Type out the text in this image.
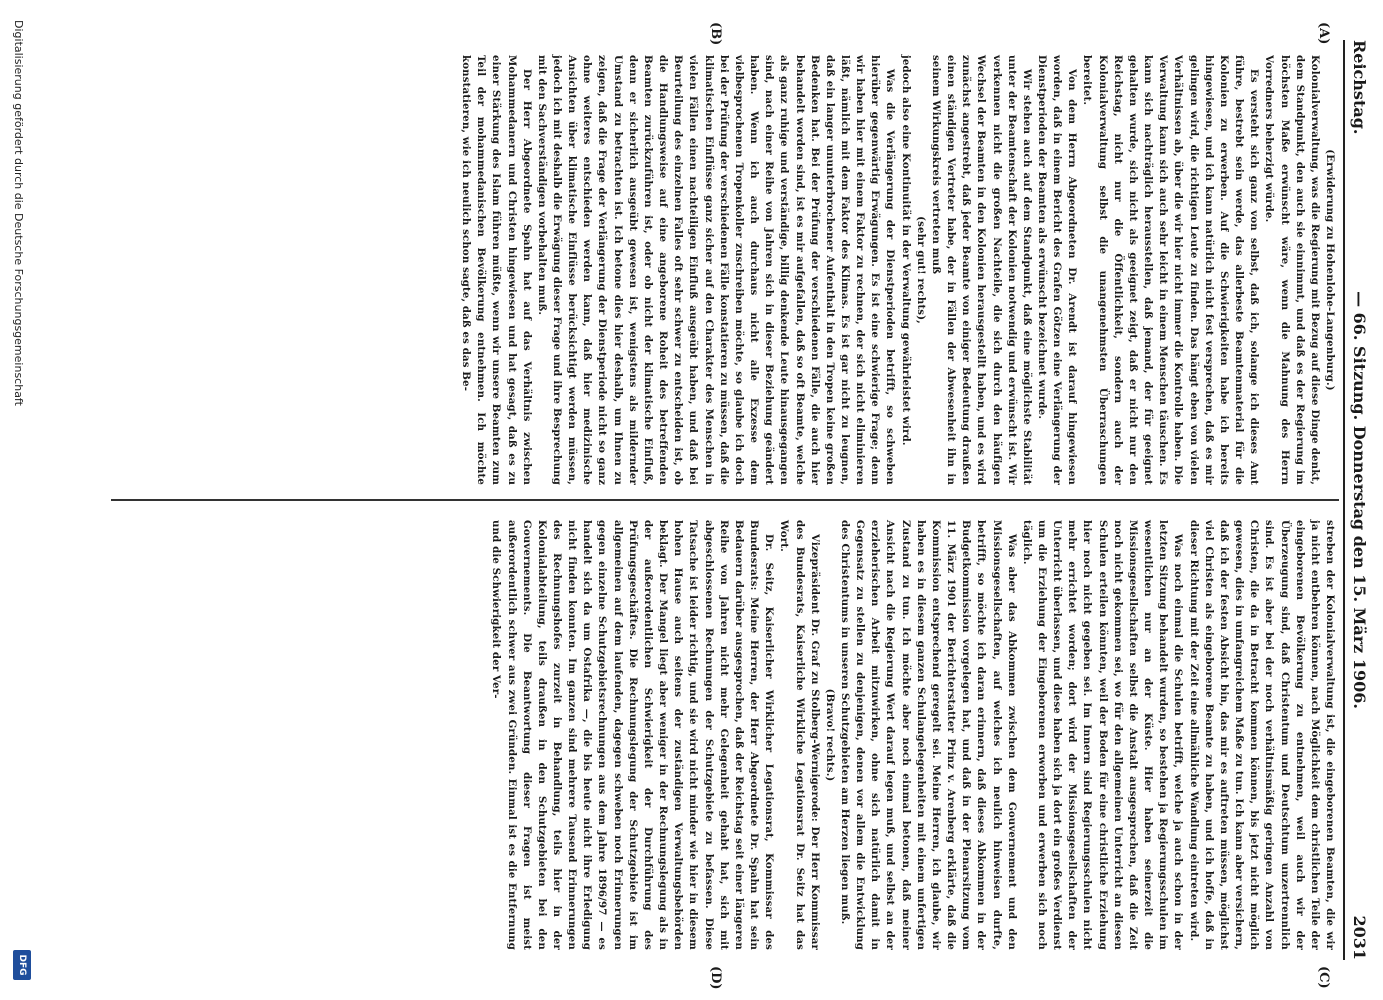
Reichstag.
— 66. Sitzung. Donnerstag den 15. März 1906.
2031
(A)
(B)
(C)
(D)

(Erwiderung zu Hohenlohe-Langenburg.)

Kolonialverwaltung, was die Regierung mit Bezug auf diese Dinge denkt, dem Standpunkt, den auch sie einnimmt, und daß es der Regierung im höchsten Maße erwünscht wäre, wenn die Mahnung des Herrn Vorredners beherzigt würde.

Es versteht sich ganz von selbst, daß ich, solange ich dieses Amt führe, bestrebt sein werde, das allerbeste Beamtenmaterial für die Kolonien zu erwerben. Auf die Schwierigkeiten habe ich bereits hingewiesen, und ich kann natürlich nicht fest versprechen, daß es mir gelingen wird, die richtigen Leute zu finden. Das hängt eben von vielen Verhältnissen ab, über die wir hier nicht immer die Kontrolle haben. Die Verwaltung kann sich auch sehr leicht in einem Menschen täuschen. Es kann sich nachträglich herausstellen, daß jemand, der für geeignet gehalten wurde, sich nicht als geeignet zeigt, daß er nicht nur den Reichstag, nicht nur die Öffentlichkeit, sondern auch der Kolonialverwaltung selbst die unangenehmsten Überraschungen bereitet.

Von dem Herrn Abgeordneten Dr. Arendt ist darauf hingewiesen worden, daß in einem Bericht des Grafen Götzen eine Verlängerung der Dienstperioden der Beamten als erwünscht bezeichnet wurde.

Wir stehen auch auf dem Standpunkt, daß eine möglichste Stabilität unter der Beamtenschaft der Kolonien notwendig und erwünscht ist. Wir verkennen nicht die großen Nachteile, die sich durch den häufigen Wechsel der Beamten in den Kolonien herausgestellt haben, und es wird zunächst angestrebt, daß jeder Beamte von einiger Bedeutung draußen einen ständigen Vertreter habe, der in Fällen der Abwesenheit ihn in seinem Wirkungskreis vertreten muß

(sehr gut! rechts),

jedoch also eine Kontinuität in der Verwaltung gewährleistet wird.

Was die Verlängerung der Dienstperioden betrifft, so schweben hierüber gegenwärtig Erwägungen. Es ist eine schwierige Frage; denn wir haben hier mit einem Faktor zu rechnen, der sich nicht eliminieren läßt, nämlich mit dem Faktor des Klimas. Es ist gar nicht zu leugnen, daß ein langer ununterbrochener Aufenthalt in den Tropen keine großen Bedenken hat. Bei der Prüfung der verschiedenen Fälle, die auch hier behandelt worden sind, ist es mir aufgefallen, daß so oft Beamte, welche als ganz ruhige und verständige, billig denkende Leute hinausgegangen sind, nach einer Reihe von Jahren sich in dieser Beziehung geändert haben. Wenn ich auch durchaus nicht alle Exzesse dem vielbesprochenen Tropenkoller zuschreiben möchte, so glaube ich doch bei der Prüfung der verschiedenen Fälle konstatieren zu müssen, daß die klimatischen Einflüsse ganz sicher auf den Charakter des Menschen in vielen Fällen einen nachteiligen Einfluß ausgeübt haben, und daß bei Beurteilung des einzelnen Falles oft sehr schwer zu entscheiden ist, ob die Handlungsweise auf eine angeborene Roheit des betreffenden Beamten zurückzuführen ist, oder ob nicht der klimatische Einfluß, denn er sicherlich ausgeübt gewesen ist, wenigstens als mildernder Umstand zu betrachten ist. Ich betone dies hier deshalb, um Ihnen zu zeigen, daß die Frage der Verlängerung der Dienstperiode nicht so ganz ohne weiteres entschieden werden kann, daß hier medizinische Ansichten über klimatische Einflüsse berücksichtigt werden müssen, jedoch ich mit deshalb die Erwägung dieser Frage und ihre Besprechung mit den Sachverständigen vorbehalten muß.

Der Herr Abgeordnete Spahn hat auf das Verhältnis zwischen Mohammedanern und Christen hingewiesen und hat gesagt, daß es zu einer Stärkung des Islam führen müßte, wenn wir unsere Beamten zum Teil der mohammedanischen Bevölkerung entnehmen. Ich möchte konstatieren, wie ich neulich schon sagte, daß es das Be-

streben der Kolonialverwaltung ist, die eingeborenen Beamten, die wir ja nicht entbehren können, nach Möglichkeit dem christlichen Teile der eingeborenen Bevölkerung zu entnehmen, weil auch wir der Überzeugung sind, daß Christentum und Deutschtum unzertrennlich sind. Es ist aber bei der noch verhältnismäßig geringen Anzahl von Christen, die da in Betracht kommen können, bis jetzt nicht möglich gewesen, dies in umfangreichem Maße zu tun. Ich kann aber versichern, daß ich der festen Absicht bin, das mir es auftreten müssen, möglichst viel Christen als eingeborene Beamte zu haben, und ich hoffe, daß in dieser Richtung mit der Zeit eine allmähliche Wandlung eintreten wird.

Was noch einmal die Schulen betrifft, welche ja auch schon in der letzten Sitzung behandelt wurden, so bestehen ja Regierungsschulen im wesentlichen nur an der Küste. Hier haben seinerzeit die Missionsgesellschaften selbst die Anstalt ausgesprochen, daß die Zeit noch nicht gekommen sei, wo für den allgemeinen Unterricht an diesen Schulen erteilen könnten, weil der Boden für eine christliche Erziehung hier noch nicht gegeben sei. Im Innern sind Regierungsschulen nicht mehr errichtet worden; dort wird der Missionsgesellschaften der Unterricht überlassen, und diese haben sich ja dort ein großes Verdienst um die Erziehung der Eingeborenen erworben und erwerben sich noch täglich.

Was aber das Abkommen zwischen dem Gouvernement und den Missionsgesellschaften, auf welches ich neulich hinweisen durfte, betrifft, so möchte ich daran erinnern, daß dieses Abkommen in der Budgetkommission vorgelegen hat, und daß in der Plenarsitzung vom 11. März 1901 der Berichterstatter Prinz v. Arenberg erklärte, daß die Kommission entsprechend geregelt sei. Meine Herren, ich glaube, wir haben es in diesem ganzen Schulangelegenheiten mit einem unfertigen Zustand zu tun. Ich möchte aber noch einmal betonen, daß meiner Ansicht nach die Regierung Wert darauf legen muß, und selbst an der erzieherischen Arbeit mitzuwirken, ohne sich natürlich damit in Gegensatz zu stellen zu denjenigen, denen vor allem die Entwicklung des Christentums in unseren Schutzgebieten am Herzen liegen muß.

(Bravo! rechts.)

Vizepräsident Dr. Graf zu Stolberg-Wernigerode: Der Herr Kommissar des Bundesrats, Kaiserliche Wirkliche Legationsrat Dr. Seitz hat das Wort.

Dr. Seitz, Kaiserlicher Wirklicher Legationsrat, Kommissar des Bundesrats: Meine Herren, der Herr Abgeordnete Dr. Spahn hat sein Bedauern darüber ausgesprochen, daß der Reichstag seit einer längeren Reihe von Jahren nicht mehr Gelegenheit gehabt hat, sich mit abgeschlossenen Rechnungen der Schutzgebiete zu befassen. Diese Tatsache ist leider richtig, und sie wird nicht minder wie hier in diesem hohen Hause auch seitens der zuständigen Verwaltungsbehörden beklagt. Der Mangel liegt aber weniger in der Rechnungslegung als in der außerordentlichen Schwierigkeit der Durchführung des Prüfungsgeschäftes. Die Rechnungslegung der Schutzgebiete ist im allgemeinen auf dem laufenden, dagegen schweben noch Erinnerungen gegen einzelne Schutzgebietsrechnungen aus dem Jahre 1896/97 — es handelt sich da um Ostafrika —, die bis heute nicht ihre Erledigung nicht finden konnten. Im ganzen sind mehrere Tausend Erinnerungen des Rechnungshofes zurzeit in Behandlung, teils hier in der Kolonialabteilung, teils draußen in den Schutzgebieten bei den Gouvernements. Die Beantwortung dieser Fragen ist meist außerordentlich schwer aus zwei Gründen. Einmal ist es die Entfernung und die Schwierigkeit der Ver-

Digitalisierung gefördert durch die Deutsche Forschungsgemeinschaft
DFG
